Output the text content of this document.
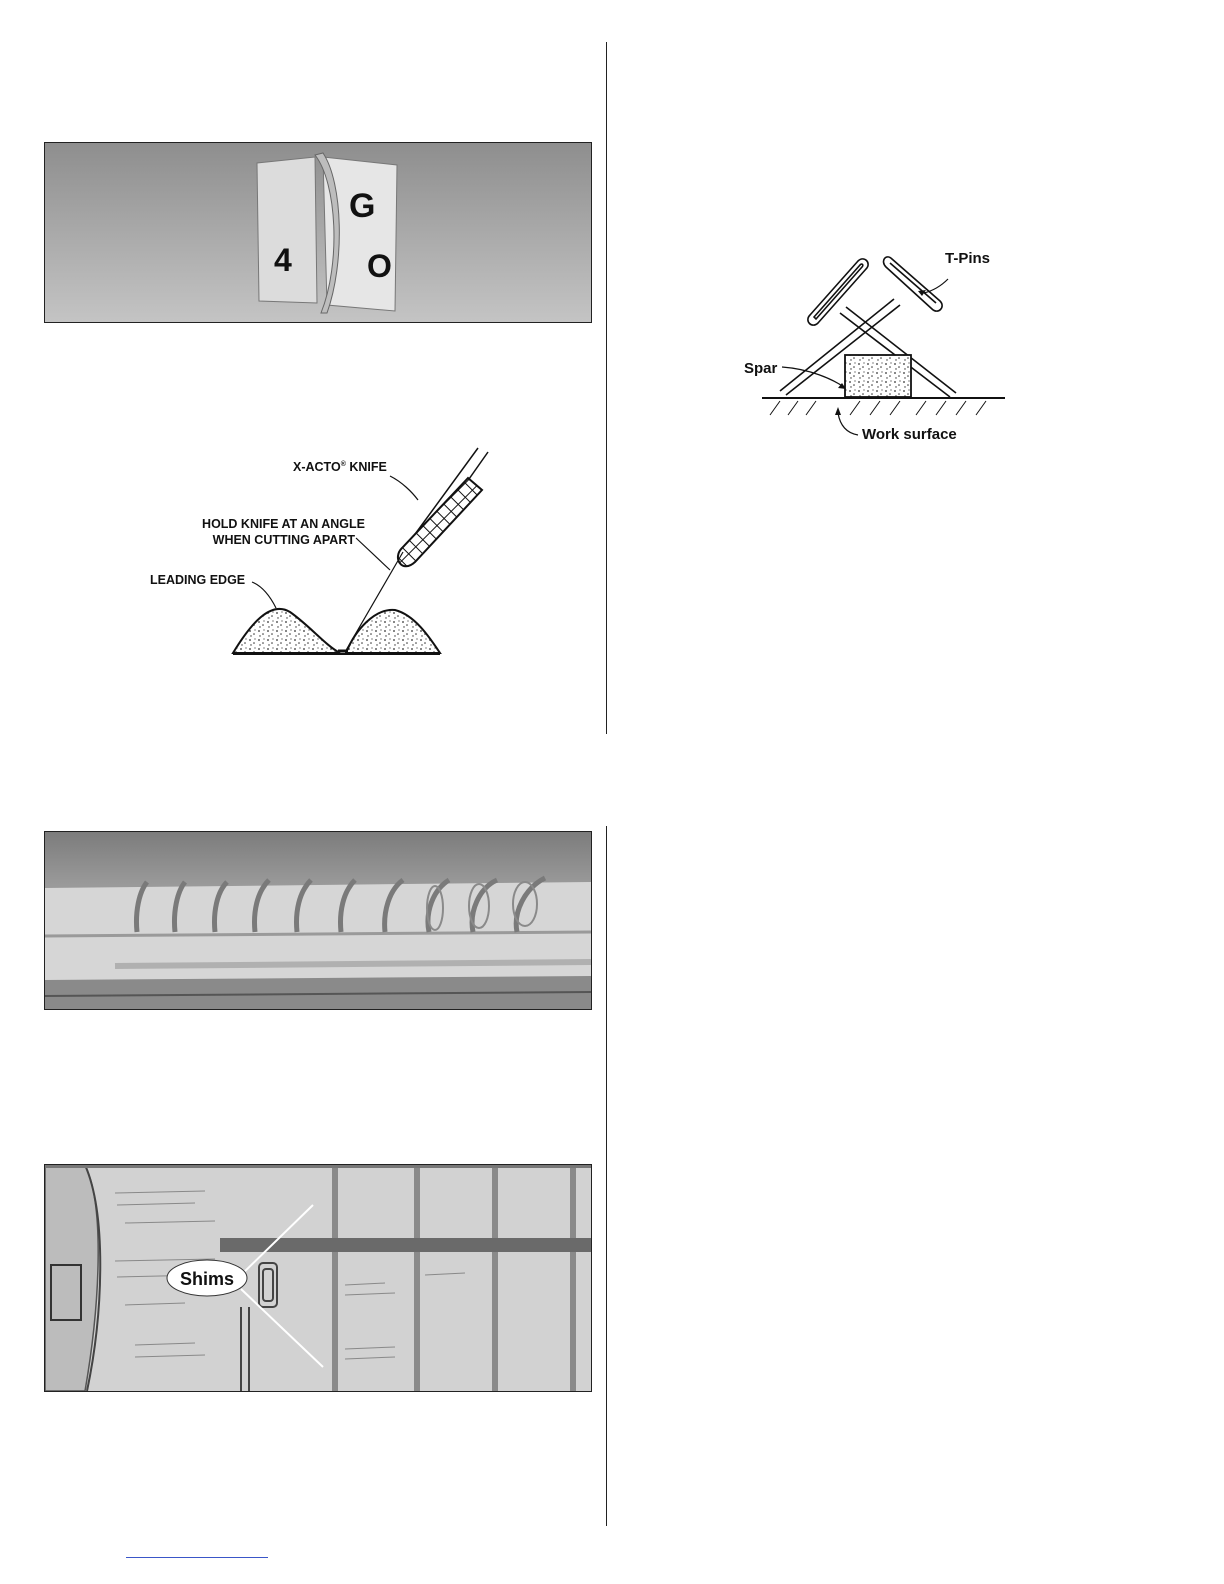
4
G
O
X-ACTO® KNIFE
HOLD KNIFE AT AN ANGLE
WHEN CUTTING APART
LEADING EDGE
T-Pins
Spar
Work surface
Shims
